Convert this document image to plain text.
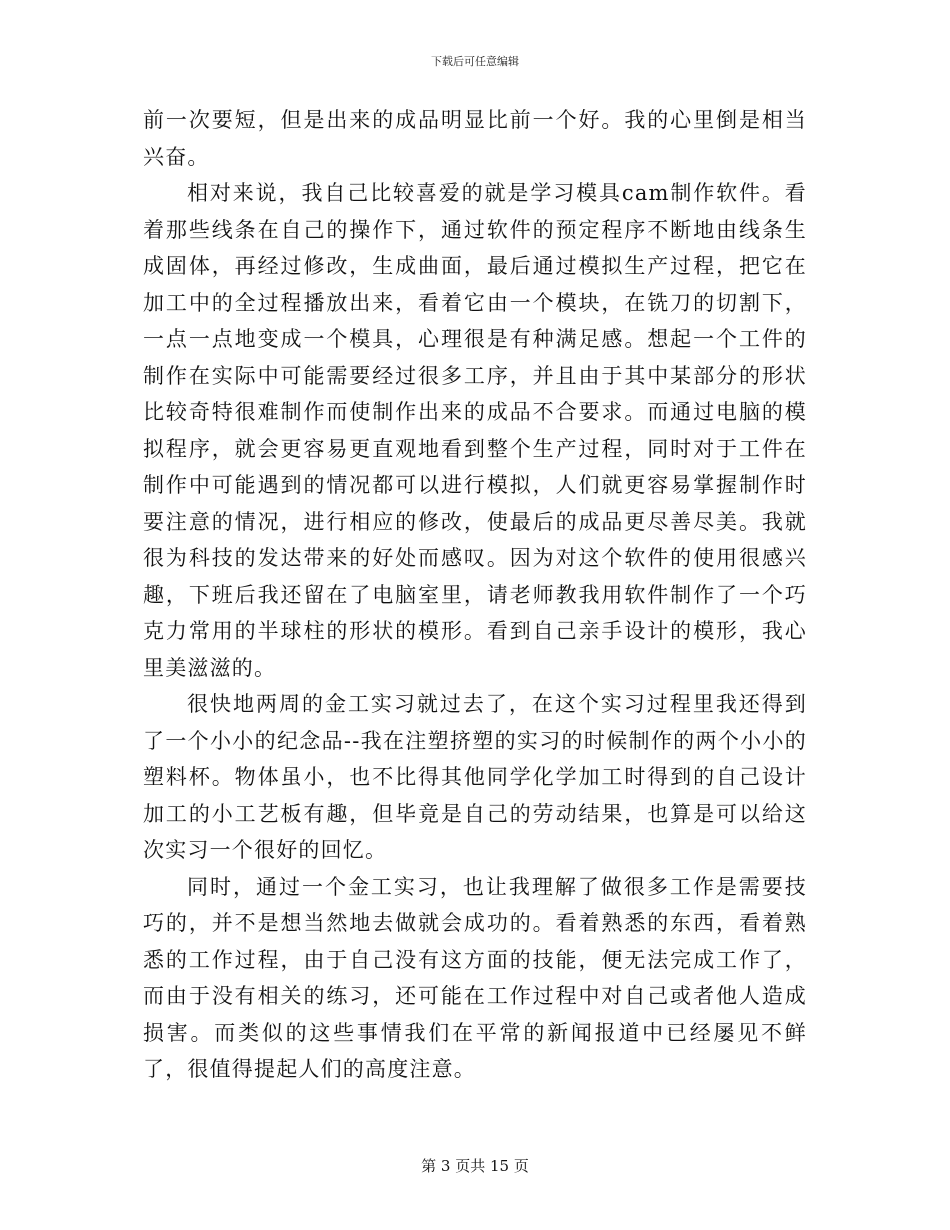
下载后可任意编辑

前一次要短，但是出来的成品明显比前一个好。我的心里倒是相当兴奋。

相对来说，我自己比较喜爱的就是学习模具cam制作软件。看着那些线条在自己的操作下，通过软件的预定程序不断地由线条生成固体，再经过修改，生成曲面，最后通过模拟生产过程，把它在加工中的全过程播放出来，看着它由一个模块，在铣刀的切割下，一点一点地变成一个模具，心理很是有种满足感。想起一个工件的制作在实际中可能需要经过很多工序，并且由于其中某部分的形状比较奇特很难制作而使制作出来的成品不合要求。而通过电脑的模拟程序，就会更容易更直观地看到整个生产过程，同时对于工件在制作中可能遇到的情况都可以进行模拟，人们就更容易掌握制作时要注意的情况，进行相应的修改，使最后的成品更尽善尽美。我就很为科技的发达带来的好处而感叹。因为对这个软件的使用很感兴趣，下班后我还留在了电脑室里，请老师教我用软件制作了一个巧克力常用的半球柱的形状的模形。看到自己亲手设计的模形，我心里美滋滋的。

很快地两周的金工实习就过去了，在这个实习过程里我还得到了一个小小的纪念品--我在注塑挤塑的实习的时候制作的两个小小的塑料杯。物体虽小，也不比得其他同学化学加工时得到的自己设计加工的小工艺板有趣，但毕竟是自己的劳动结果，也算是可以给这次实习一个很好的回忆。

同时，通过一个金工实习，也让我理解了做很多工作是需要技巧的，并不是想当然地去做就会成功的。看着熟悉的东西，看着熟悉的工作过程，由于自己没有这方面的技能，便无法完成工作了，而由于没有相关的练习，还可能在工作过程中对自己或者他人造成损害。而类似的这些事情我们在平常的新闻报道中已经屡见不鲜了，很值得提起人们的高度注意。

第 3 页共 15 页
